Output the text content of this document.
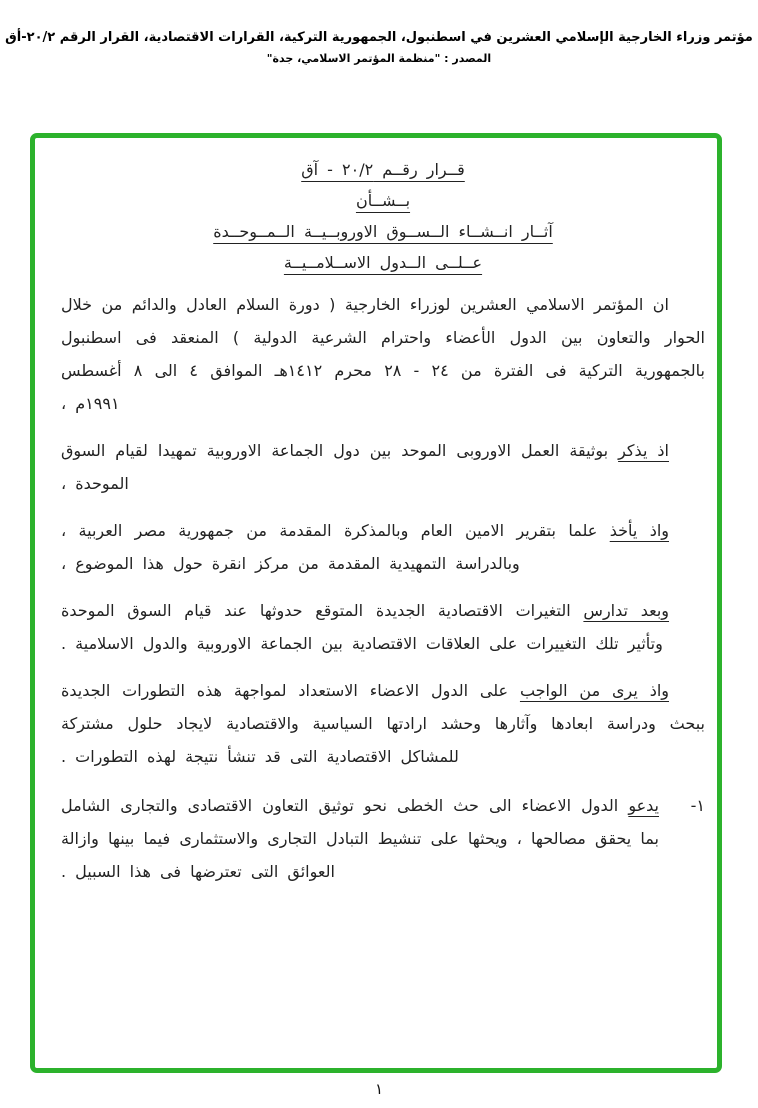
مؤتمر وزراء الخارجية الإسلامي العشرين في اسطنبول، الجمهورية التركية، القرارات الاقتصادية، القرار الرقم ٢٠/٢-أق
المصدر : "منظمة المؤتمر الاسلامي، جدة"
قــرار رقــم ٢٠/٢ - آق
بــشــأن
آثــار انــشــاء الــســوق الاوروبــيــة الــمــوحــدة
عــلــى الــدول الاســلامــيــة
ان المؤتمر الاسلامي العشرين لوزراء الخارجية ( دورة السلام العادل والدائم من خلال الحوار والتعاون بين الدول الأعضاء واحترام الشرعية الدولية ) المنعقد فى اسطنبول بالجمهورية التركية فى الفترة من ٢٤ - ٢٨ محرم ١٤١٢هـ الموافق ٤ الى ٨ أغسطس ١٩٩١م ،
اذ يذكر بوثيقة العمل الاوروبى الموحد بين دول الجماعة الاوروبية تمهيدا لقيام السوق الموحدة ،
واذ يأخذ علما بتقرير الامين العام وبالمذكرة المقدمة من جمهورية مصر العربية ، وبالدراسة التمهيدية المقدمة من مركز انقرة حول هذا الموضوع ،
وبعد تدارس التغيرات الاقتصادية الجديدة المتوقع حدوثها عند قيام السوق الموحدة وتأثير تلك التغييرات على العلاقات الاقتصادية بين الجماعة الاوروبية والدول الاسلامية .
واذ يرى من الواجب على الدول الاعضاء الاستعداد لمواجهة هذه التطورات الجديدة ببحث ودراسة ابعادها وآثارها وحشد ارادتها السياسية والاقتصادية لايجاد حلول مشتركة للمشاكل الاقتصادية التى قد تنشأ نتيجة لهذه التطورات .
١-
يدعو الدول الاعضاء الى حث الخطى نحو توثيق التعاون الاقتصادى والتجارى الشامل بما يحقق مصالحها ، ويحثها على تنشيط التبادل التجارى والاستثمارى فيما بينها وازالة العوائق التى تعترضها فى هذا السبيل .
١
